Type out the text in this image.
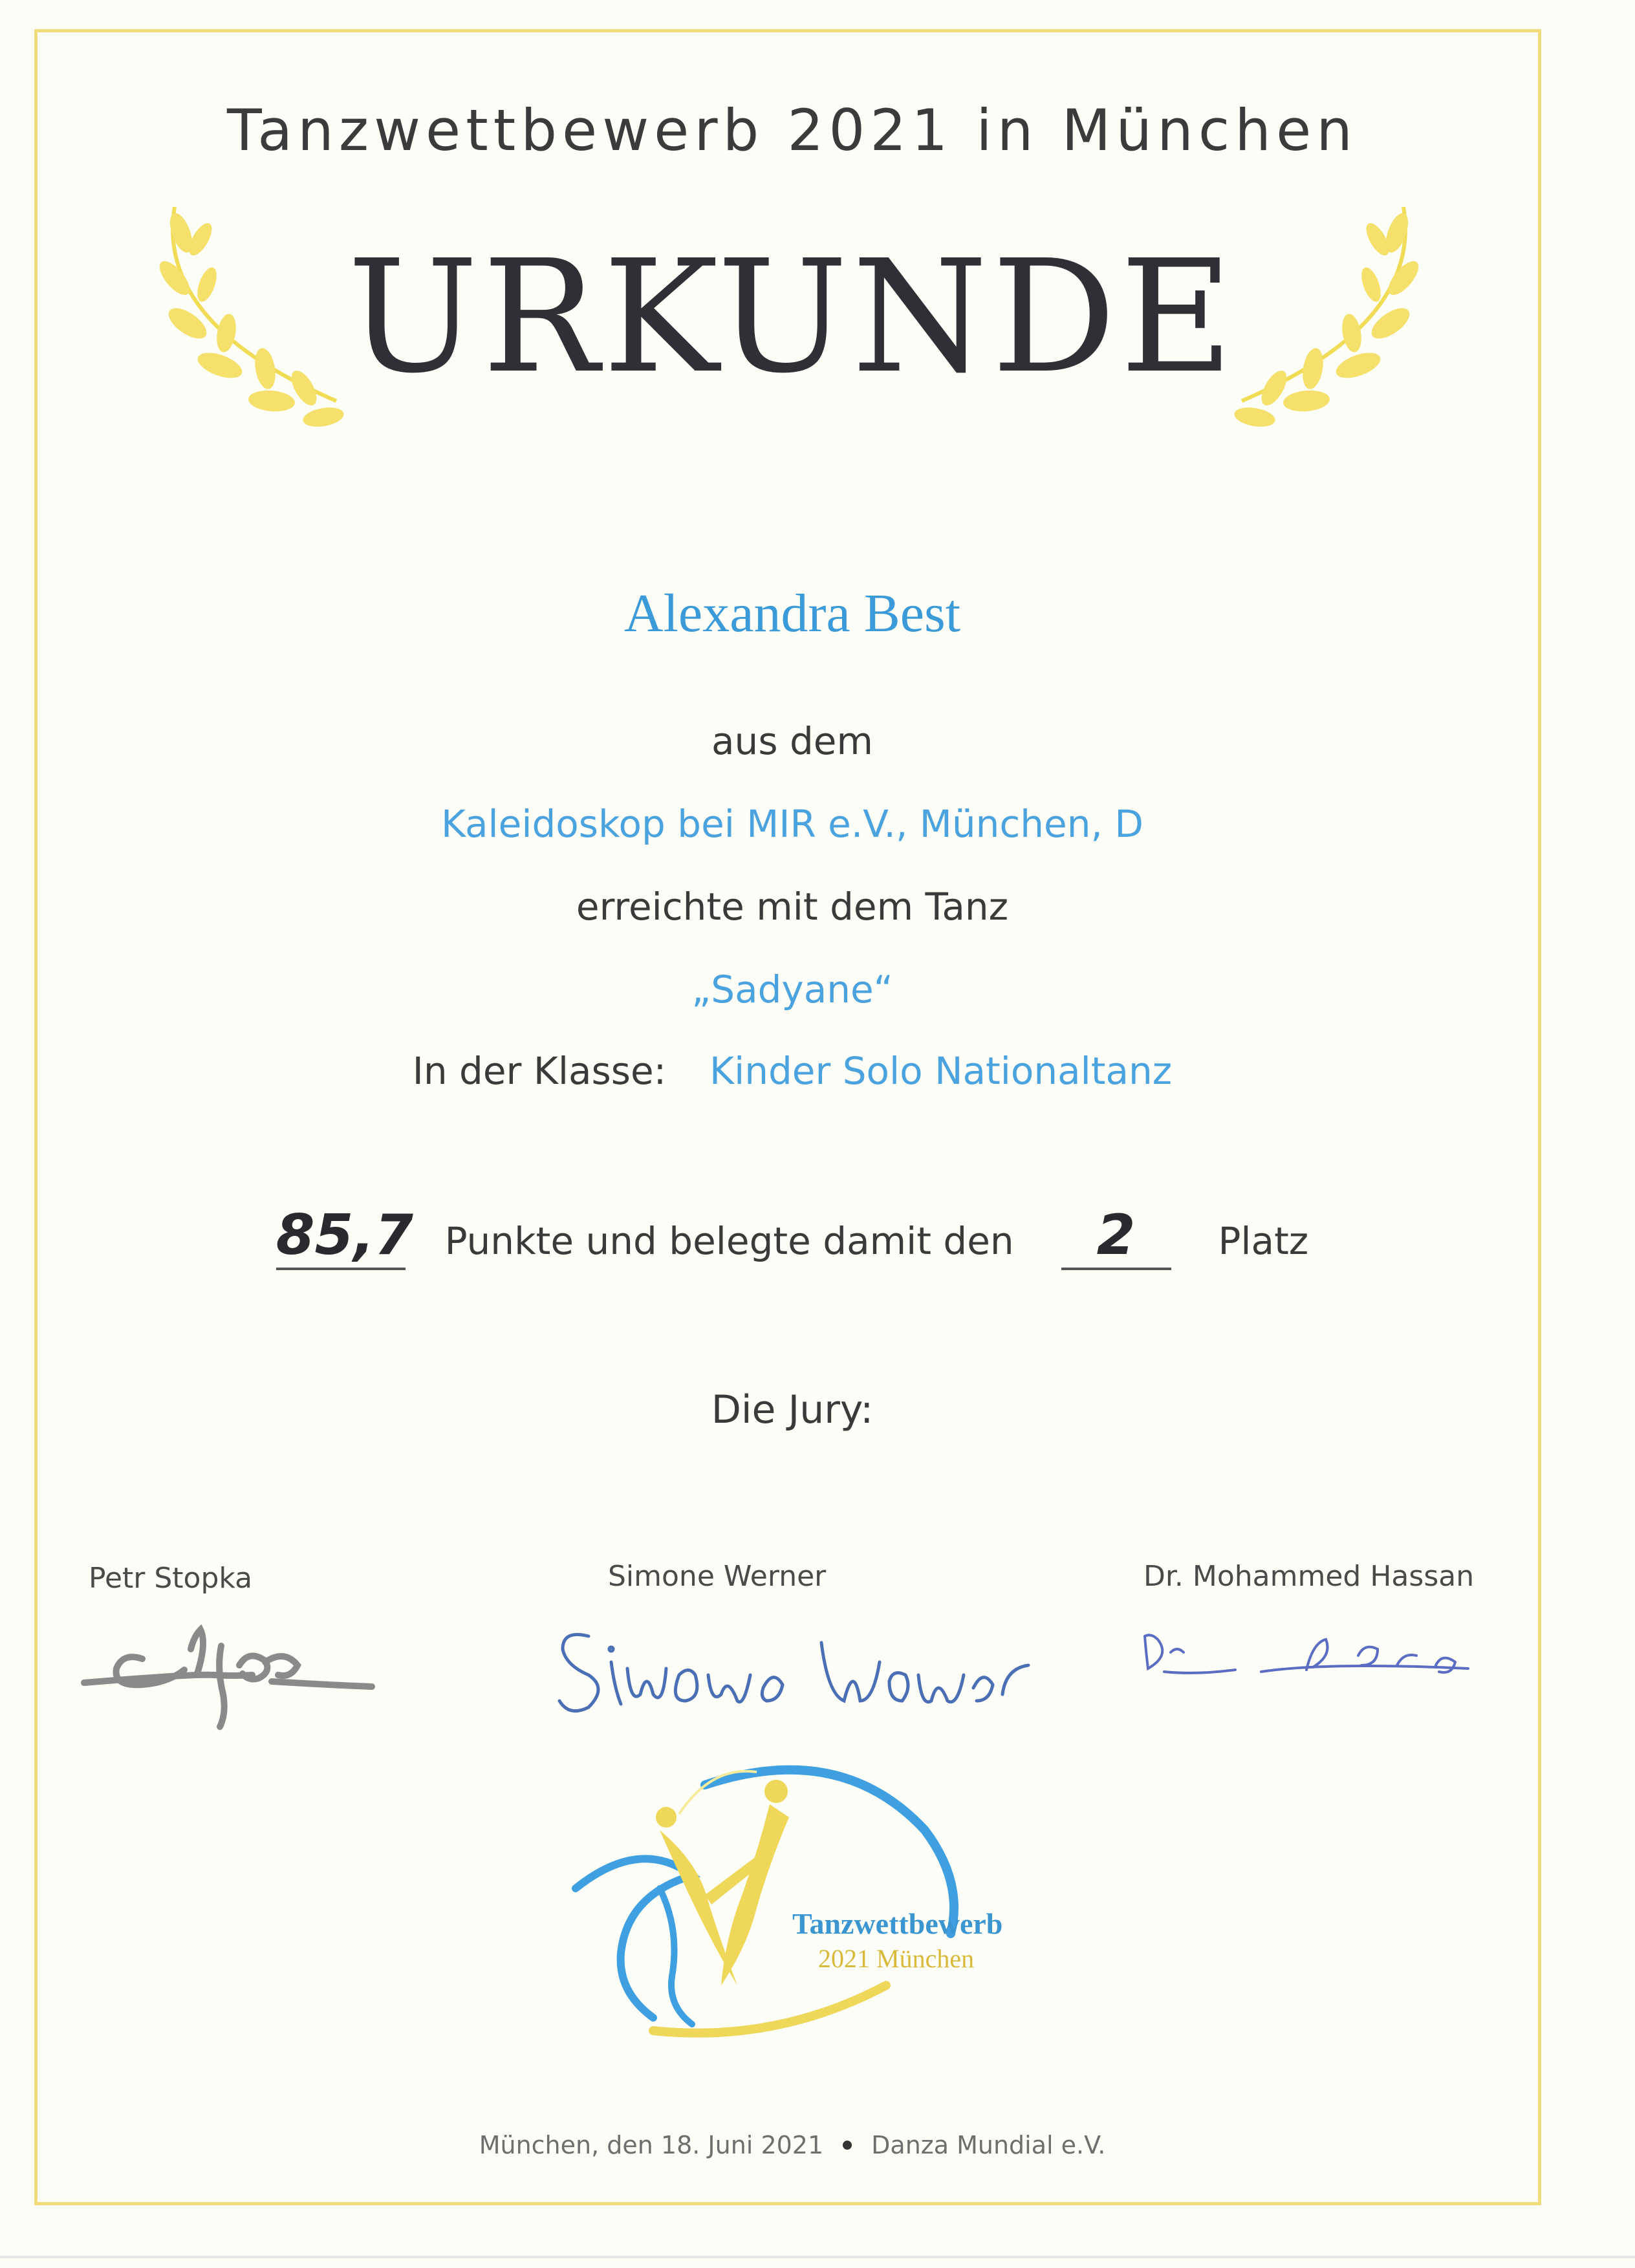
Tanzwettbewerb 2021 in München
URKUNDE
Alexandra Best
aus dem
Kaleidoskop bei MIR e.V., München, D
erreichte mit dem Tanz
„Sadyane“
In der Klasse: Kinder Solo Nationaltanz
85,7 Punkte und belegte damit den 2 Platz
Die Jury:
Petr Stopka	Simone Werner	Dr. Mohammed Hassan
Tanzwettbewerb
2021 München
München, den 18. Juni 2021 Danza Mundial e.V.
